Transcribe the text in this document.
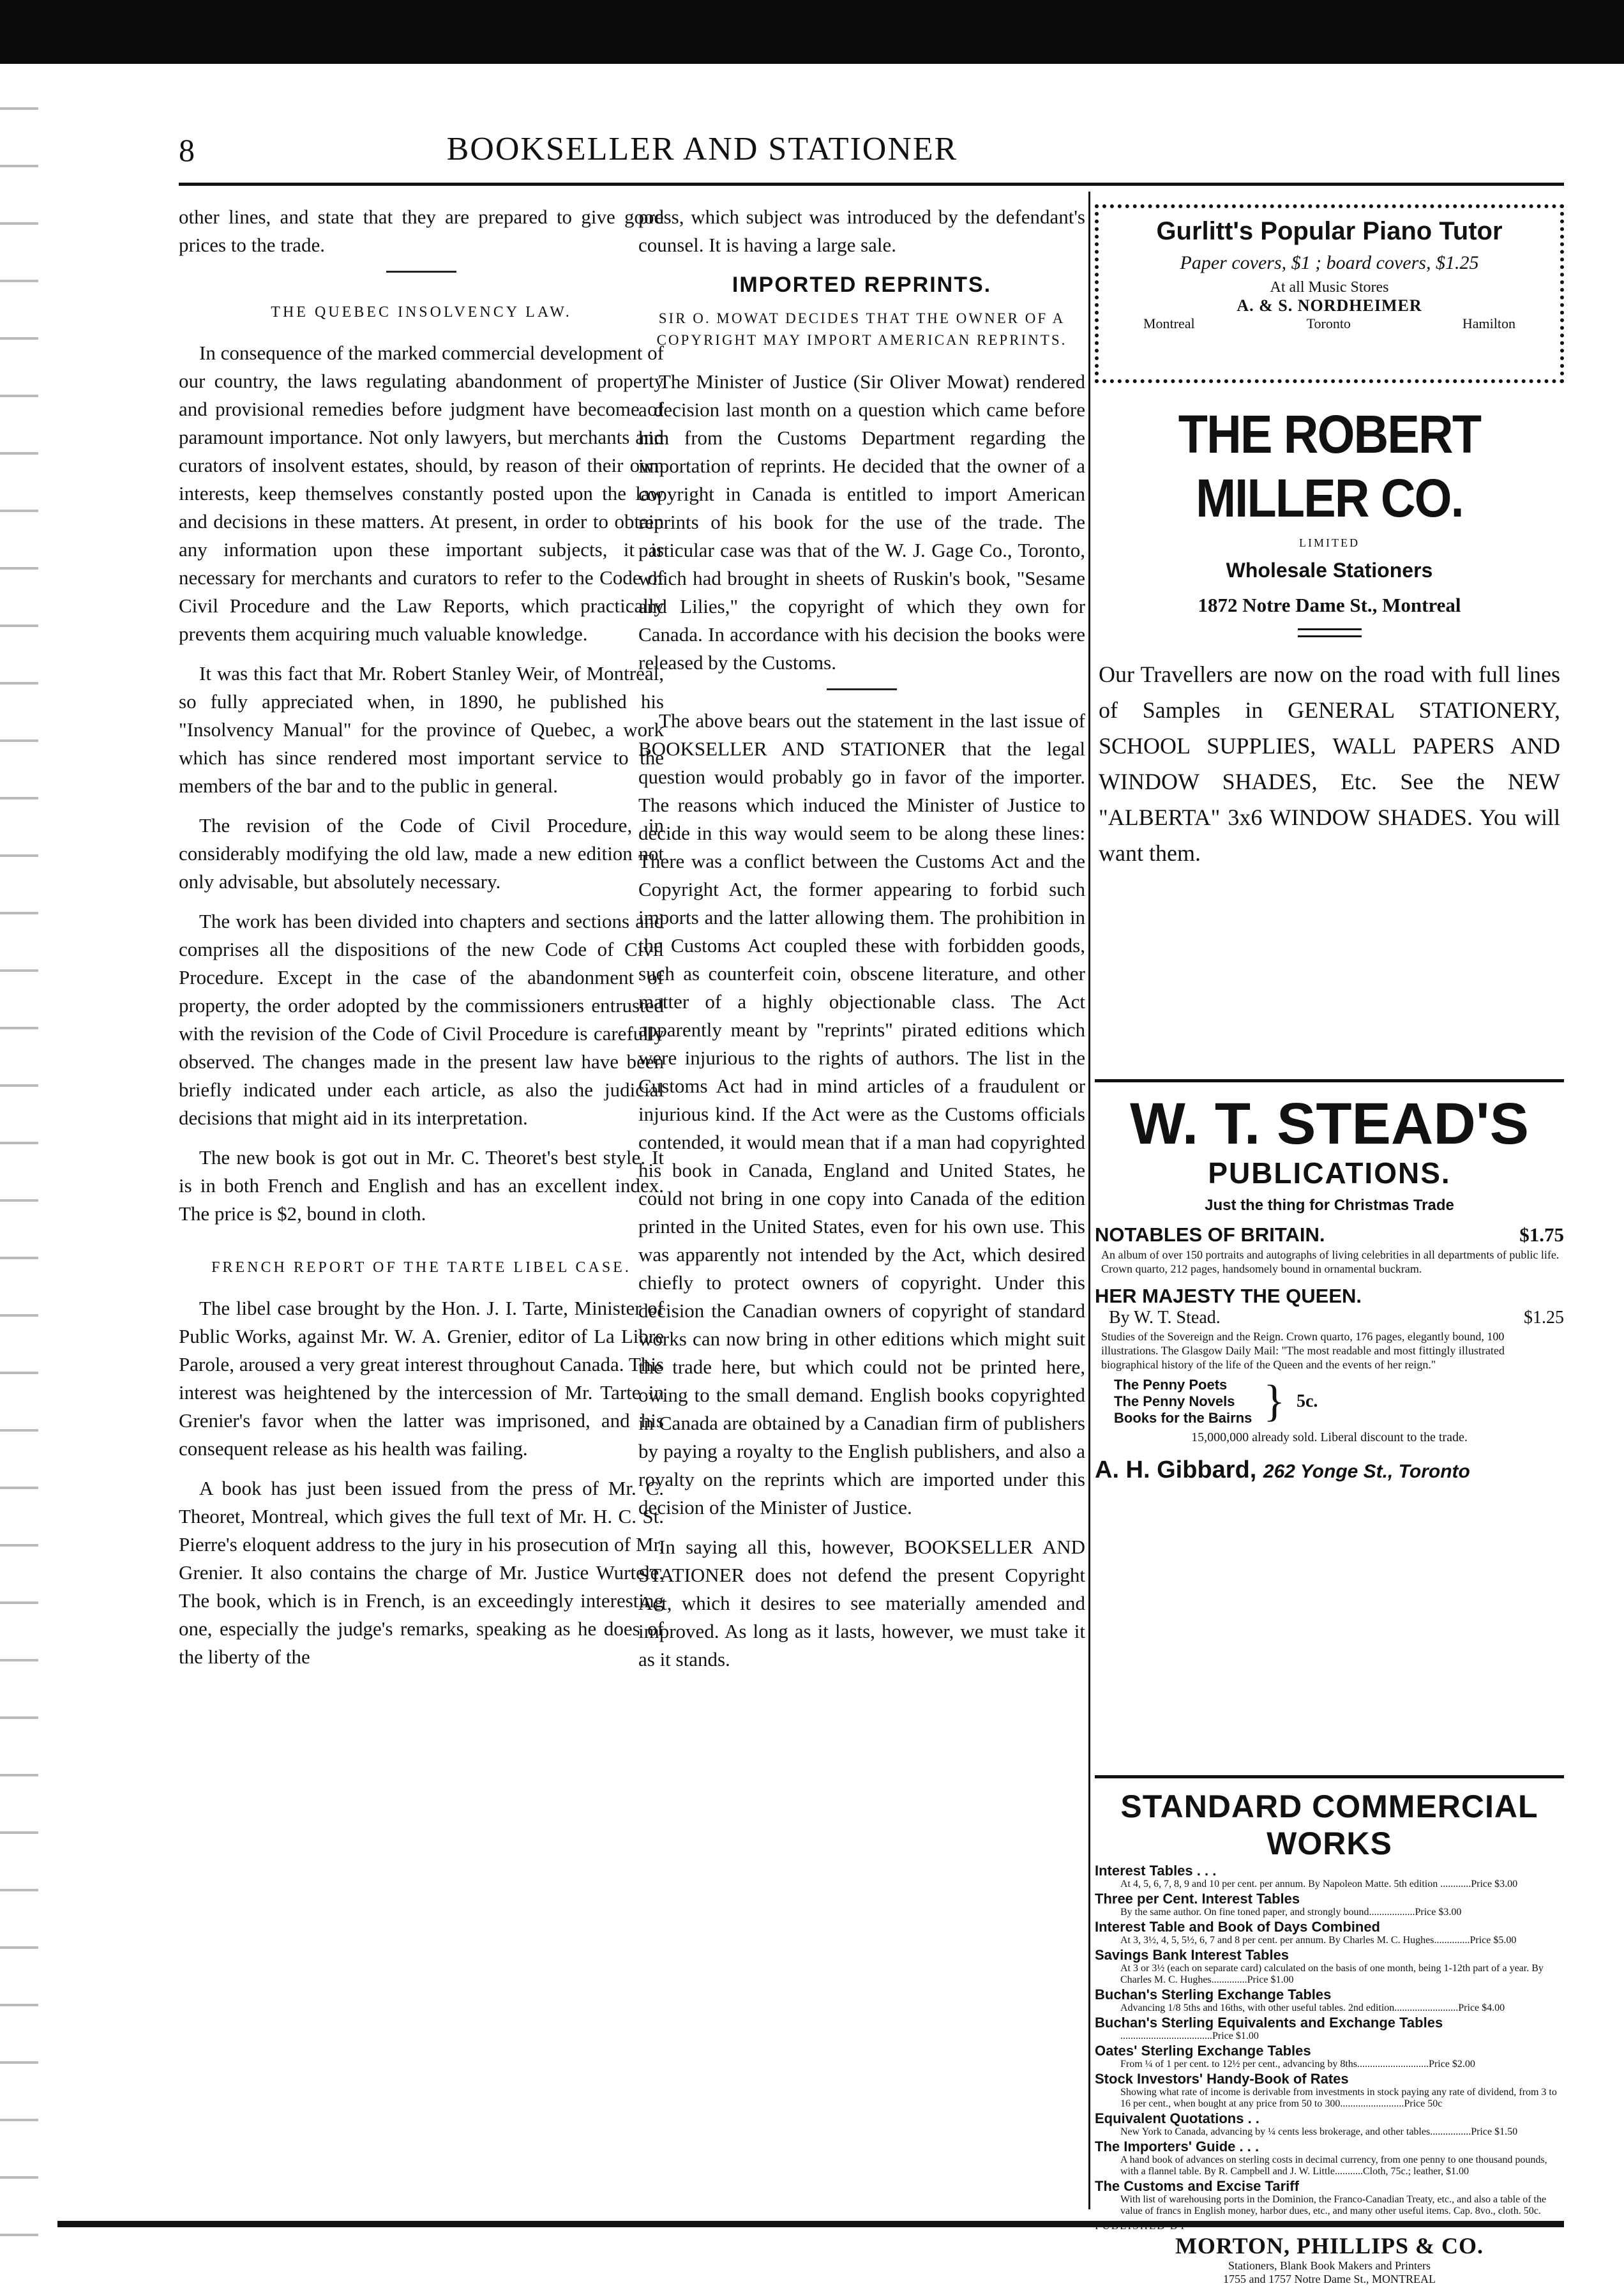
8	BOOKSELLER AND STATIONER

other lines, and state that they are prepared to give good prices to the trade.

THE QUEBEC INSOLVENCY LAW.

In consequence of the marked commercial development of our country, the laws regulating abandonment of property and provisional remedies before judgment have become of paramount importance. Not only lawyers, but merchants and curators of insolvent estates, should, by reason of their own interests, keep themselves constantly posted upon the law and decisions in these matters. At present, in order to obtain any information upon these important subjects, it is necessary for merchants and curators to refer to the Code of Civil Procedure and the Law Reports, which practically prevents them acquiring much valuable knowledge.

It was this fact that Mr. Robert Stanley Weir, of Montreal, so fully appreciated when, in 1890, he published his "Insolvency Manual" for the province of Quebec, a work which has since rendered most important service to the members of the bar and to the public in general.

The revision of the Code of Civil Procedure, in considerably modifying the old law, made a new edition not only advisable, but absolutely necessary.

The work has been divided into chapters and sections and comprises all the dispositions of the new Code of Civil Procedure. Except in the case of the abandonment of property, the order adopted by the commissioners entrusted with the revision of the Code of Civil Procedure is carefully observed. The changes made in the present law have been briefly indicated under each article, as also the judicial decisions that might aid in its interpretation.

The new book is got out in Mr. C. Theoret's best style. It is in both French and English and has an excellent index. The price is $2, bound in cloth.

FRENCH REPORT OF THE TARTE LIBEL CASE.

The libel case brought by the Hon. J. I. Tarte, Minister of Public Works, against Mr. W. A. Grenier, editor of La Libre Parole, aroused a very great interest throughout Canada. This interest was heightened by the intercession of Mr. Tarte in Grenier's favor when the latter was imprisoned, and his consequent release as his health was failing.

A book has just been issued from the press of Mr. C. Theoret, Montreal, which gives the full text of Mr. H. C. St. Pierre's eloquent address to the jury in his prosecution of Mr. Grenier. It also contains the charge of Mr. Justice Wurtele. The book, which is in French, is an exceedingly interesting one, especially the judge's remarks, speaking as he does of the liberty of the

press, which subject was introduced by the defendant's counsel. It is having a large sale.

IMPORTED REPRINTS.
SIR O. MOWAT DECIDES THAT THE OWNER OF A COPYRIGHT MAY IMPORT AMERICAN REPRINTS.

The Minister of Justice (Sir Oliver Mowat) rendered a decision last month on a question which came before him from the Customs Department regarding the importation of reprints. He decided that the owner of a copyright in Canada is entitled to import American reprints of his book for the use of the trade. The particular case was that of the W. J. Gage Co., Toronto, which had brought in sheets of Ruskin's book, "Sesame and Lilies," the copyright of which they own for Canada. In accordance with his decision the books were released by the Customs.

The above bears out the statement in the last issue of BOOKSELLER AND STATIONER that the legal question would probably go in favor of the importer. The reasons which induced the Minister of Justice to decide in this way would seem to be along these lines: There was a conflict between the Customs Act and the Copyright Act, the former appearing to forbid such imports and the latter allowing them. The prohibition in the Customs Act coupled these with forbidden goods, such as counterfeit coin, obscene literature, and other matter of a highly objectionable class. The Act apparently meant by "reprints" pirated editions which were injurious to the rights of authors. The list in the Customs Act had in mind articles of a fraudulent or injurious kind. If the Act were as the Customs officials contended, it would mean that if a man had copyrighted his book in Canada, England and United States, he could not bring in one copy into Canada of the edition printed in the United States, even for his own use. This was apparently not intended by the Act, which desired chiefly to protect owners of copyright. Under this decision the Canadian owners of copyright of standard works can now bring in other editions which might suit the trade here, but which could not be printed here, owing to the small demand. English books copyrighted in Canada are obtained by a Canadian firm of publishers by paying a royalty to the English publishers, and also a royalty on the reprints which are imported under this decision of the Minister of Justice.

In saying all this, however, BOOKSELLER AND STATIONER does not defend the present Copyright Act, which it desires to see materially amended and improved. As long as it lasts, however, we must take it as it stands.

Gurlitt's Popular Piano Tutor
Paper covers, $1 ; board covers, $1.25
At all Music Stores
A. & S. NORDHEIMER
Montreal	Toronto	Hamilton
THE ROBERT MILLER CO.
LIMITED
Wholesale Stationers
1872 Notre Dame St., Montreal
Our Travellers are now on the road with full lines of Samples in GENERAL STATIONERY, SCHOOL SUPPLIES, WALL PAPERS AND WINDOW SHADES, Etc. See the NEW "ALBERTA" 3x6 WINDOW SHADES. You will want them.
W. T. STEAD'S
PUBLICATIONS.
Just the thing for Christmas Trade
NOTABLES OF BRITAIN.	$1.75
An album of over 150 portraits and autographs of living celebrities in all departments of public life. Crown quarto, 212 pages, handsomely bound in ornamental buckram.
HER MAJESTY THE QUEEN.
By W. T. Stead.	$1.25
Studies of the Sovereign and the Reign. Crown quarto, 176 pages, elegantly bound, 100 illustrations. The Glasgow Daily Mail: "The most readable and most fittingly illustrated biographical history of the life of the Queen and the events of her reign."
The Penny Poets
The Penny Novels
Books for the Bairns } 5c.
15,000,000 already sold. Liberal discount to the trade.
A. H. Gibbard, 262 Yonge St., Toronto
STANDARD COMMERCIAL WORKS
Interest Tables . . .
At 4, 5, 6, 7, 8, 9 and 10 per cent. per annum. By Napoleon Matte. 5th edition ............Price $3.00
Three per Cent. Interest Tables
By the same author. On fine toned paper, and strongly bound..................Price $3.00
Interest Table and Book of Days Combined
At 3, 3½, 4, 5, 5½, 6, 7 and 8 per cent. per annum. By Charles M. C. Hughes..............Price $5.00
Savings Bank Interest Tables
At 3 or 3½ (each on separate card) calculated on the basis of one month, being 1-12th part of a year. By Charles M. C. Hughes..............Price $1.00
Buchan's Sterling Exchange Tables
Advancing 1/8 5ths and 16ths, with other useful tables. 2nd edition.........................Price $4.00
Buchan's Sterling Equivalents and Exchange Tables
....................................Price $1.00
Oates' Sterling Exchange Tables
From ¼ of 1 per cent. to 12½ per cent., advancing by 8ths............................Price $2.00
Stock Investors' Handy-Book of Rates
Showing what rate of income is derivable from investments in stock paying any rate of dividend, from 3 to 16 per cent., when bought at any price from 50 to 300.........................Price 50c
Equivalent Quotations . .
New York to Canada, advancing by ¼ cents less brokerage, and other tables................Price $1.50
The Importers' Guide . . .
A hand book of advances on sterling costs in decimal currency, from one penny to one thousand pounds, with a flannel table. By R. Campbell and J. W. Little...........Cloth, 75c.; leather, $1.00
The Customs and Excise Tariff
With list of warehousing ports in the Dominion, the Franco-Canadian Treaty, etc., and also a table of the value of francs in English money, harbor dues, etc., and many other useful items. Cap. 8vo., cloth. 50c.
MORTON, PHILLIPS & CO.
Stationers, Blank Book Makers and Printers
1755 and 1757 Notre Dame St., MONTREAL
